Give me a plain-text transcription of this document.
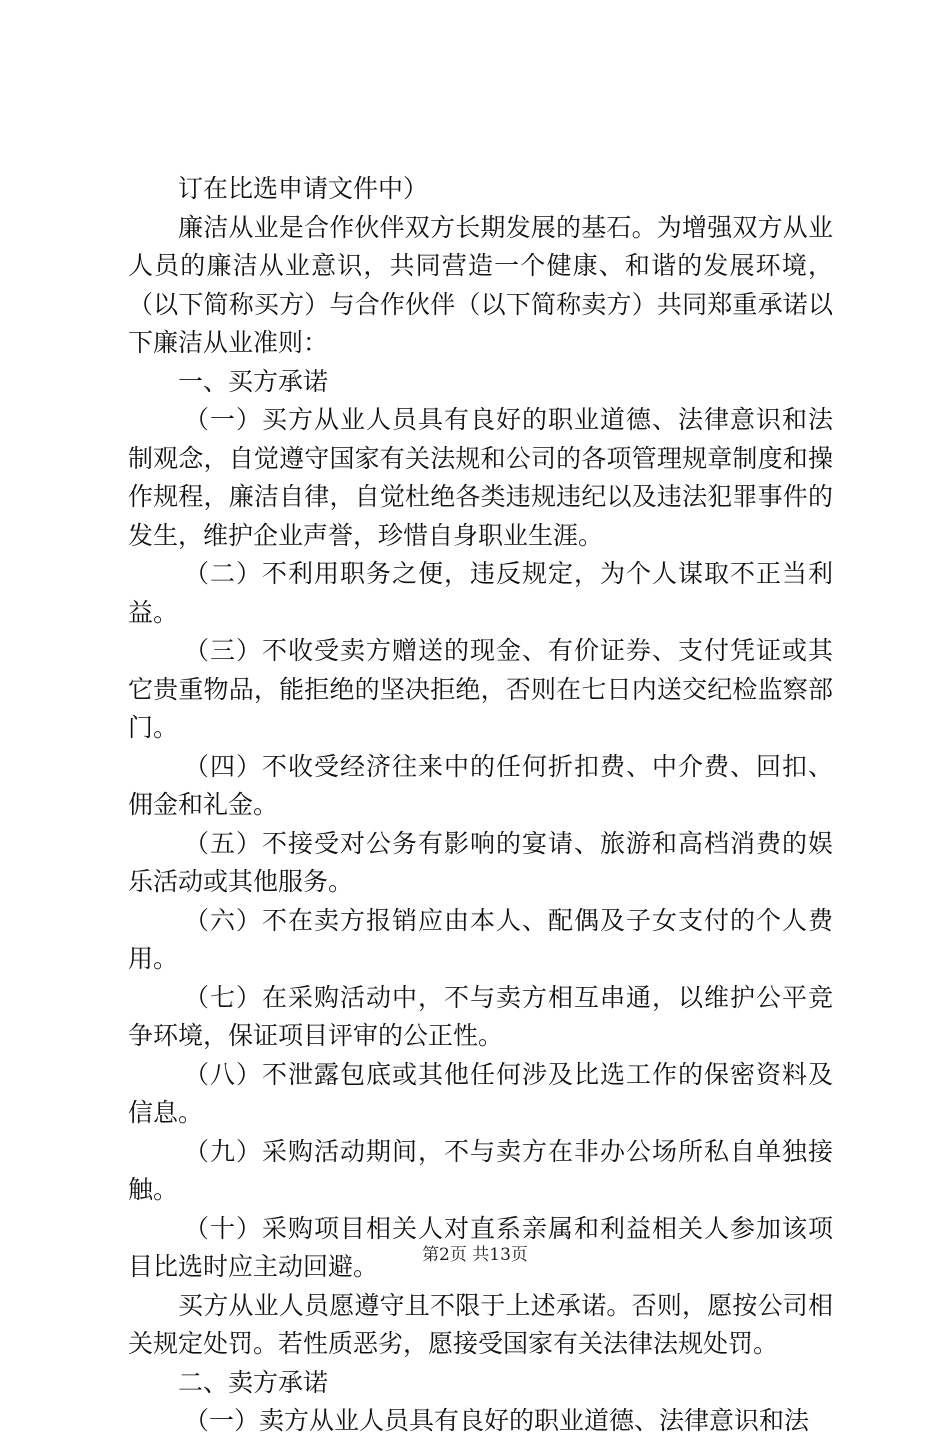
订在比选申请文件中）

廉洁从业是合作伙伴双方长期发展的基石。为增强双方从业人员的廉洁从业意识，共同营造一个健康、和谐的发展环境，（以下简称买方）与合作伙伴（以下简称卖方）共同郑重承诺以下廉洁从业准则：

一、买方承诺

（一）买方从业人员具有良好的职业道德、法律意识和法制观念，自觉遵守国家有关法规和公司的各项管理规章制度和操作规程，廉洁自律，自觉杜绝各类违规违纪以及违法犯罪事件的发生，维护企业声誉，珍惜自身职业生涯。

（二）不利用职务之便，违反规定，为个人谋取不正当利益。

（三）不收受卖方赠送的现金、有价证券、支付凭证或其它贵重物品，能拒绝的坚决拒绝，否则在七日内送交纪检监察部门。

（四）不收受经济往来中的任何折扣费、中介费、回扣、佣金和礼金。

（五）不接受对公务有影响的宴请、旅游和高档消费的娱乐活动或其他服务。

（六）不在卖方报销应由本人、配偶及子女支付的个人费用。

（七）在采购活动中，不与卖方相互串通，以维护公平竞争环境，保证项目评审的公正性。

（八）不泄露包底或其他任何涉及比选工作的保密资料及信息。

（九）采购活动期间，不与卖方在非办公场所私自单独接触。

（十）采购项目相关人对直系亲属和利益相关人参加该项目比选时应主动回避。

买方从业人员愿遵守且不限于上述承诺。否则，愿按公司相关规定处罚。若性质恶劣，愿接受国家有关法律法规处罚。

二、卖方承诺

（一）卖方从业人员具有良好的职业道德、法律意识和法

第2页 共13页
